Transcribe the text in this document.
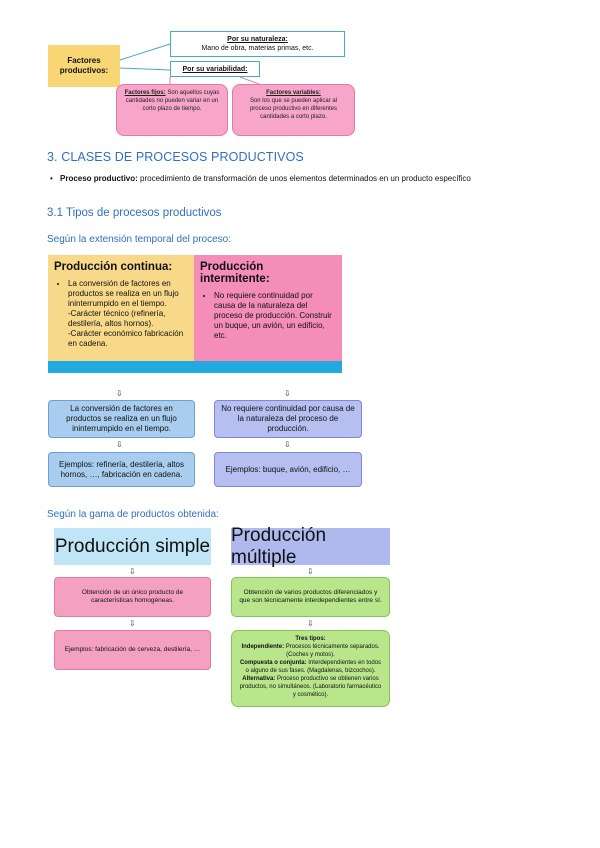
Factores productivos:
Por su naturaleza:
Mano de obra, materias primas, etc.
Por su variabilidad:
Factores fijos: Son aquellos cuyas cantidades no pueden variar en un corto plazo de tiempo.
Factores variables:
Son los que se pueden aplicar al proceso productivo en diferentes cantidades a corto plazo.
3. CLASES DE PROCESOS PRODUCTIVOS
• Proceso productivo: procedimiento de transformación de unos elementos determinados en un producto específico
3.1 Tipos de procesos productivos
Según la extensión temporal del proceso:
Producción continua:
• La conversión de factores en productos se realiza en un flujo ininterrumpido en el tiempo.
-Carácter técnico (refinería, destilería, altos hornos).
-Carácter económico fabricación en cadena.
Producción intermitente:
• No requiere continuidad por causa de la naturaleza del proceso de producción. Construir un buque, un avión, un edificio, etc.
⇩	⇩
La conversión de factores en productos se realiza en un flujo ininterrumpido en el tiempo.
No requiere continuidad por causa de la naturaleza del proceso de producción.
⇩	⇩
Ejemplos: refinería, destilería, altos hornos, …, fabricación en cadena.
Ejemplos: buque, avión, edificio, …
Según la gama de productos obtenida:
Producción simple
Producción múltiple
⇩	⇩
Obtención de un único producto de características homogéneas.
Obtención de varios productos diferenciados y que son técnicamente interdependientes entre sí.
⇩	⇩
Ejemplos: fabricación de cerveza, destilería, …
Tres tipos:
Independiente: Procesos técnicamente separados. (Coches y motos).
Compuesta o conjunta: Interdependientes en todos o alguno de sus fases. (Magdalenas, bizcochos).
Alternativa: Proceso productivo se obtienen varios productos, no simultáneos. (Laboratorio farmacéutico y cosmético).
